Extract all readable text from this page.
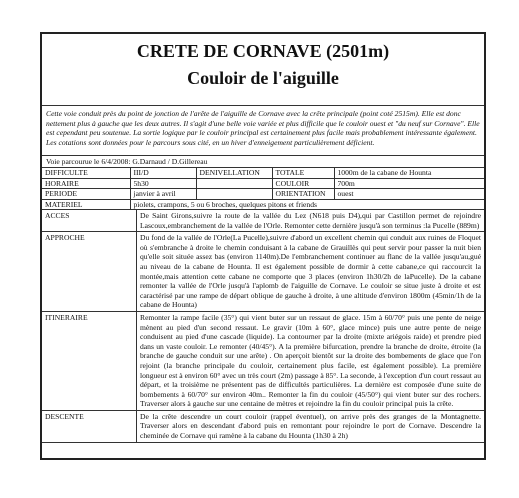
CRETE DE CORNAVE (2501m)
Couloir de l'aiguille
Cette voie conduit près du point de jonction de l'arête de l'aiguille de Cornave avec la crête principale (point coté 2515m). Elle est donc nettement plus à gauche que les deux autres. Il s'agit d'une belle voie variée et plus difficile que le couloir ouest et "du neuf sur Cornave". Elle est cependant peu soutenue. La sortie logique par le couloir principal est certainement plus facile mais probablement intéressante également. Les cotations sont données pour le parcours sous cité, en un hiver d'enneigement particulièrement déficient.
Voie parcourue le 6/4/2008: G.Darnaud / D.Gillereau
DIFFICULTE	III/D	DENIVELLATION	TOTALE	1000m de la cabane de Hounta
HORAIRE	5h30		COULOIR	700m
PERIODE	janvier à avril		ORIENTATION	ouest
MATERIEL	piolets, crampons, 5 ou 6 broches, quelques pitons et friends			
ACCES	De Saint Girons,suivre la route de la vallée du Lez (N618 puis D4),qui par Castillon permet de rejoindre Lascoux,embranchement de la vallée de l'Orle. Remonter cette dernière jusqu'à son terminus :la Pucelle (889m)
APPROCHE	Du fond de la vallée de l'Orle(La Pucelle),suivre d'abord un excellent chemin qui conduit aux ruines de Floquet où s'embranche à droite le chemin conduisant à la cabane de Grauillès qui peut servir pour passer la nuit bien qu'elle soit située assez bas (environ 1140m).De l'embranchement continuer au flanc de la vallée jusqu'au,gué au niveau de la cabane de Hounta. Il est également possible de dormir à cette cabane,ce qui raccourcit la montée,mais attention cette cabane ne comporte que 3 places (environ 1h30/2h de laPucelle). De la cabane remonter la vallée de l'Orle jusqu'à l'aplomb de l'aiguille de Cornave. Le couloir se situe juste à droite et est caractérisé par une rampe de départ oblique de gauche à droite, à une altitude d'environ 1800m (45min/1h de la cabane de Hounta)
ITINERAIRE	Remonter la rampe facile (35°) qui vient buter sur un ressaut de glace. 15m à 60/70° puis une pente de neige mènent au pied d'un second ressaut. Le gravir (10m à 60°, glace mince) puis une autre pente de neige conduisent au pied d'une cascade (liquide). La contourner par la droite (mixte ariégois raide) et prendre pied dans un vaste couloir. Le remonter (40/45°). A la première bifurcation, prendre la branche de droite, étroite (la branche de gauche conduit sur une arête) . On aperçoit bientôt sur la droite des bombements de glace que l'on rejoint (la branche principale du couloir, certainement plus facile, est également possible). La première longueur est à environ 60° avec un très court (2m) passage à 85°. La seconde, à l'exception d'un court ressaut au départ, et la troisième ne présentent pas de difficultés particulières. La dernière est composée d'une suite de bombements à 60/70° sur environ 40m.. Remonter la fin du couloir (45/50°) qui vient buter sur des rochers. Traverser alors à gauche sur une centaine de mètres et rejoindre la fin du couloir principal puis la crête.
DESCENTE	De la crête descendre un court couloir (rappel éventuel), on arrive près des granges de la Montagnette. Traverser alors en descendant d'abord puis en remontant pour rejoindre le port de Cornave. Descendre la cheminée de Cornave qui ramène à la cabane du Hounta (1h30 à 2h)
